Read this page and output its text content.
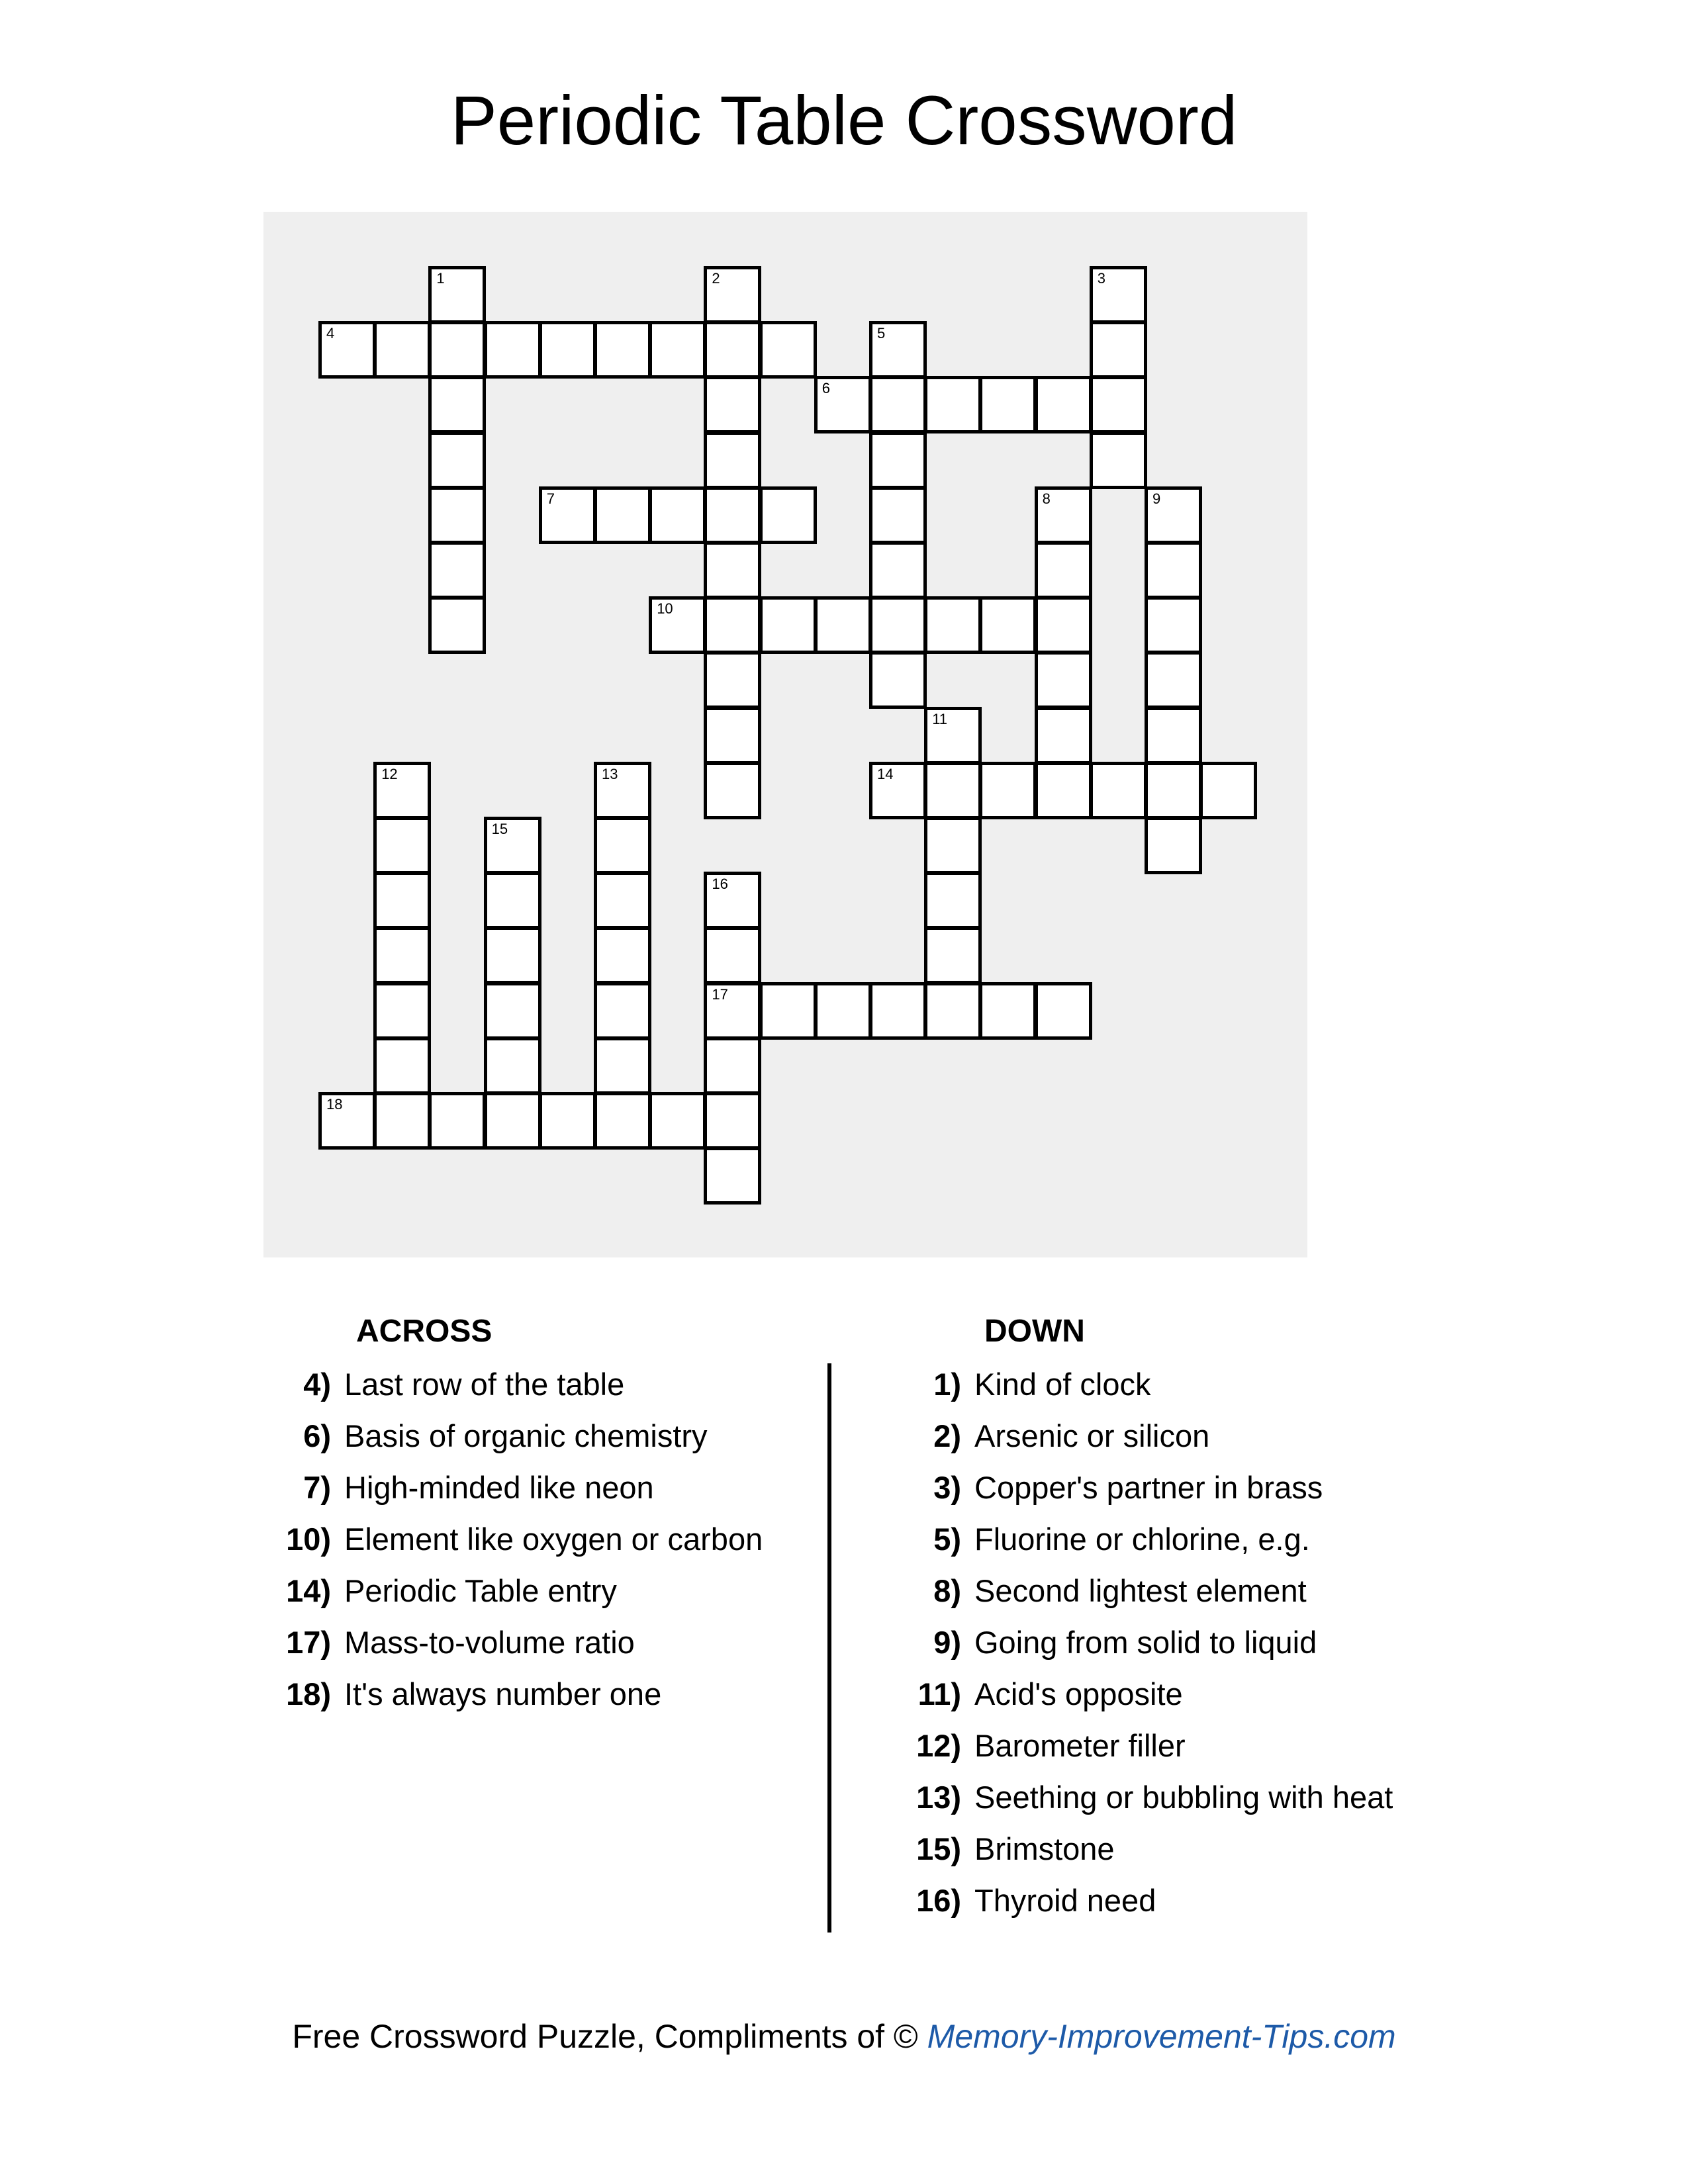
Periodic Table Crossword
1	2	3
4	5
6
7	8	9
10
11
12	13	14
15
16
17
18
ACROSS	DOWN
4) Last row of the table
6) Basis of organic chemistry
7) High-minded like neon
10) Element like oxygen or carbon
14) Periodic Table entry
17) Mass-to-volume ratio
18) It's always number one
1) Kind of clock
2) Arsenic or silicon
3) Copper's partner in brass
5) Fluorine or chlorine, e.g.
8) Second lightest element
9) Going from solid to liquid
11) Acid's opposite
12) Barometer filler
13) Seething or bubbling with heat
15) Brimstone
16) Thyroid need
Free Crossword Puzzle, Compliments of © Memory-Improvement-Tips.com
